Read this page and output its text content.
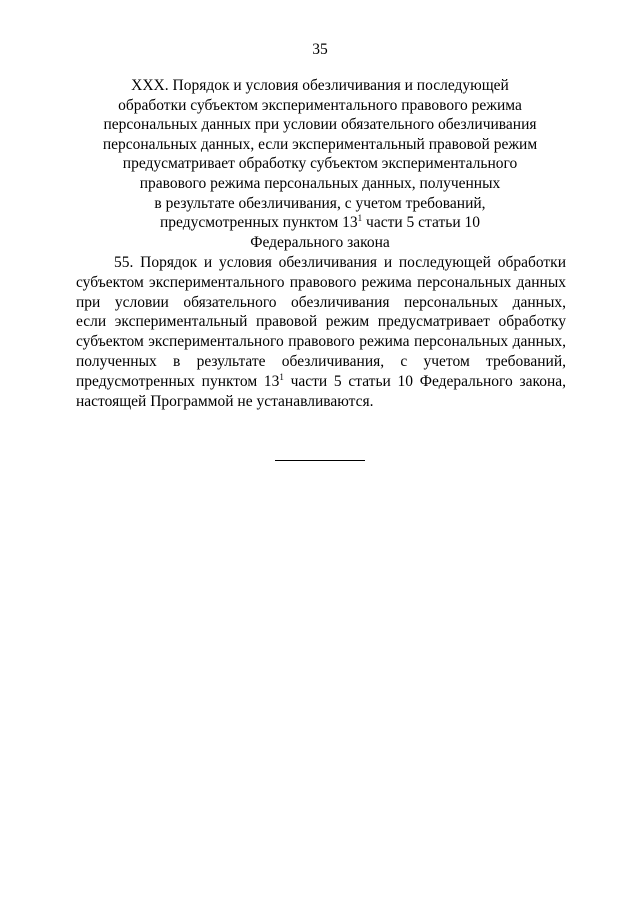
35
XXX. Порядок и условия обезличивания и последующей
обработки субъектом экспериментального правового режима
персональных данных при условии обязательного обезличивания
персональных данных, если экспериментальный правовой режим
предусматривает обработку субъектом экспериментального
правового режима персональных данных, полученных
в результате обезличивания, с учетом требований,
предусмотренных пунктом $13^1$ части 5 статьи 10
Федерального закона
55. Порядок и условия обезличивания и последующей обработки
субъектом экспериментального правового режима персональных данных
при условии обязательного обезличивания персональных данных,
если экспериментальный правовой режим предусматривает обработку
субъектом экспериментального правового режима персональных данных,
полученных в результате обезличивания, с учетом требований,
предусмотренных пунктом $13^1$ части 5 статьи 10 Федерального закона,
настоящей Программой не устанавливаются.
